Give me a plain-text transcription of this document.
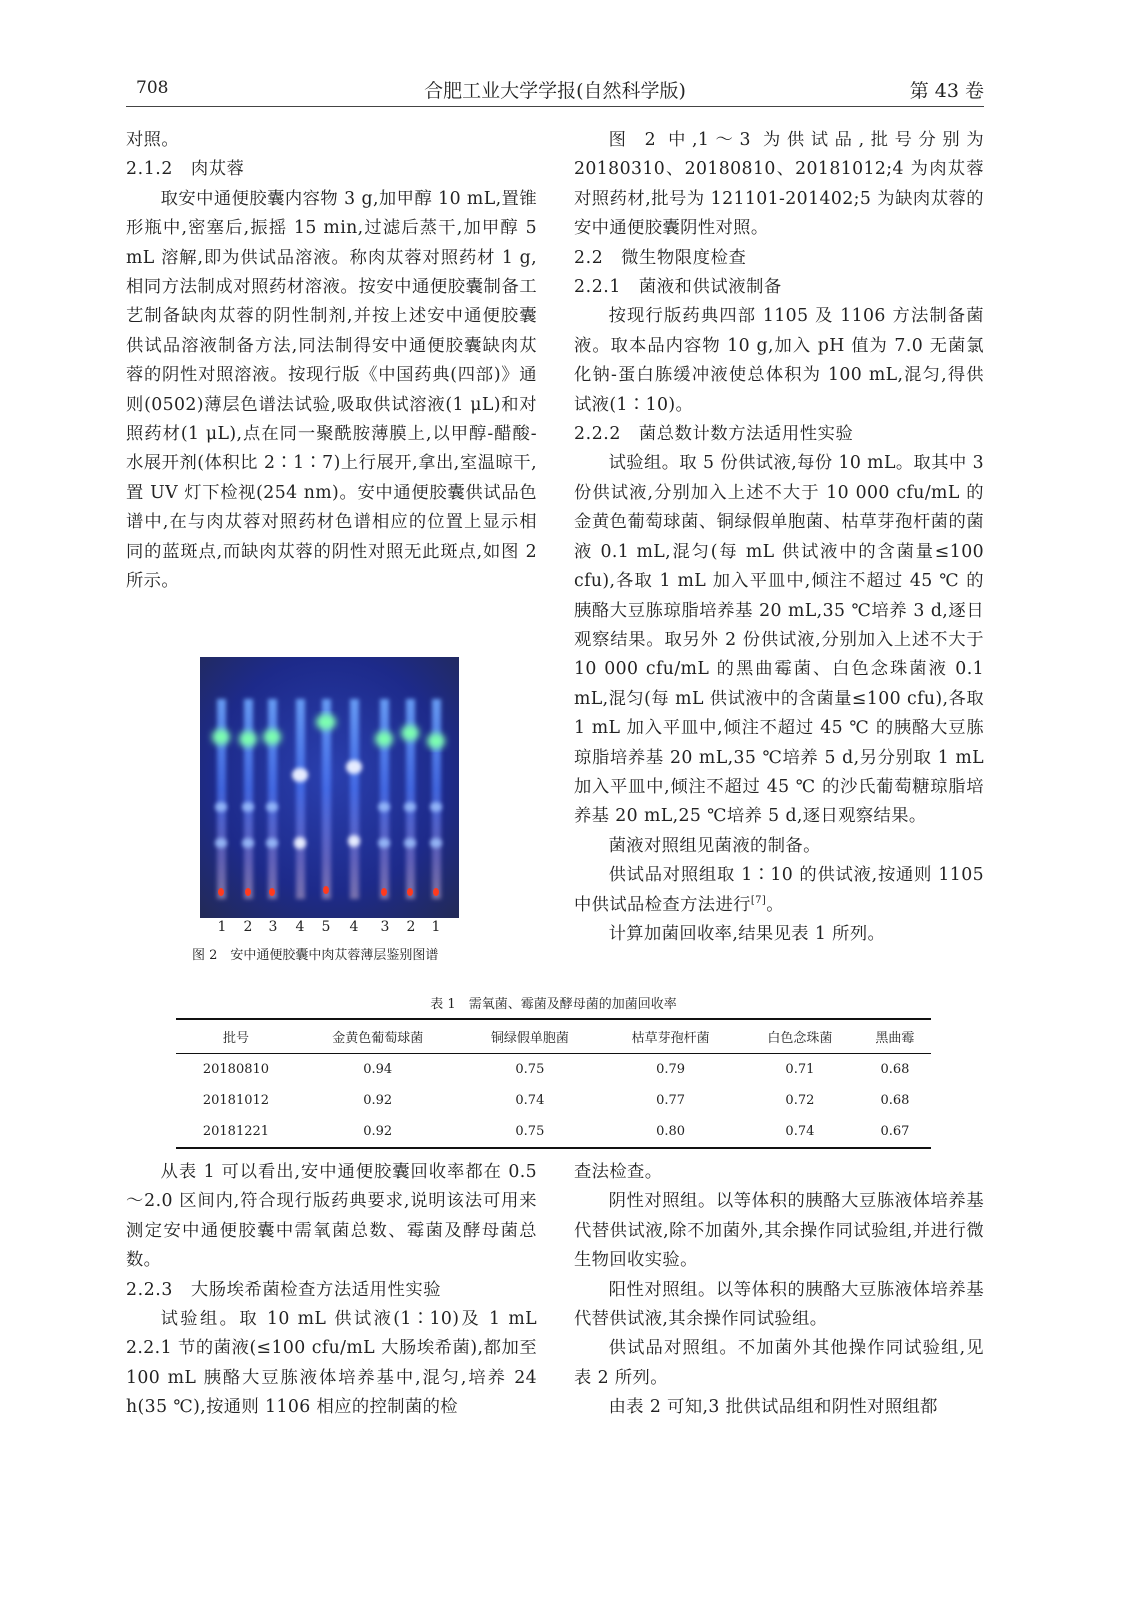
708	合肥工业大学学报(自然科学版)	第 43 卷

对照。

2.1.2　肉苁蓉

取安中通便胶囊内容物 3 g,加甲醇 10 mL,置锥形瓶中,密塞后,振摇 15 min,过滤后蒸干,加甲醇 5 mL 溶解,即为供试品溶液。称肉苁蓉对照药材 1 g,相同方法制成对照药材溶液。按安中通便胶囊制备工艺制备缺肉苁蓉的阴性制剂,并按上述安中通便胶囊供试品溶液制备方法,同法制得安中通便胶囊缺肉苁蓉的阴性对照溶液。按现行版《中国药典(四部)》通则(0502)薄层色谱法试验,吸取供试溶液(1 μL)和对照药材(1 μL),点在同一聚酰胺薄膜上,以甲醇-醋酸-水展开剂(体积比 2∶1∶7)上行展开,拿出,室温晾干,置 UV 灯下检视(254 nm)。安中通便胶囊供试品色谱中,在与肉苁蓉对照药材色谱相应的位置上显示相同的蓝斑点,而缺肉苁蓉的阴性对照无此斑点,如图 2 所示。

1 2 3 4 5 4 3 2 1
图 2　安中通便胶囊中肉苁蓉薄层鉴别图谱

图 2 中,1～3 为供试品,批号分别为 20180310、20180810、20181012;4 为肉苁蓉对照药材,批号为 121101-201402;5 为缺肉苁蓉的安中通便胶囊阴性对照。

2.2　微生物限度检查

2.2.1　菌液和供试液制备

按现行版药典四部 1105 及 1106 方法制备菌液。取本品内容物 10 g,加入 pH 值为 7.0 无菌氯化钠-蛋白胨缓冲液使总体积为 100 mL,混匀,得供试液(1∶10)。

2.2.2　菌总数计数方法适用性实验

试验组。取 5 份供试液,每份 10 mL。取其中 3 份供试液,分别加入上述不大于 10 000 cfu/mL 的金黄色葡萄球菌、铜绿假单胞菌、枯草芽孢杆菌的菌液 0.1 mL,混匀(每 mL 供试液中的含菌量≤100 cfu),各取 1 mL 加入平皿中,倾注不超过 45 ℃ 的胰酪大豆胨琼脂培养基 20 mL,35 ℃培养 3 d,逐日观察结果。取另外 2 份供试液,分别加入上述不大于 10 000 cfu/mL 的黑曲霉菌、白色念珠菌液 0.1 mL,混匀(每 mL 供试液中的含菌量≤100 cfu),各取 1 mL 加入平皿中,倾注不超过 45 ℃ 的胰酪大豆胨琼脂培养基 20 mL,35 ℃培养 5 d,另分别取 1 mL 加入平皿中,倾注不超过 45 ℃ 的沙氏葡萄糖琼脂培养基 20 mL,25 ℃培养 5 d,逐日观察结果。

菌液对照组见菌液的制备。

供试品对照组取 1∶10 的供试液,按通则 1105 中供试品检查方法进行[7]。

计算加菌回收率,结果见表 1 所列。

表 1　需氧菌、霉菌及酵母菌的加菌回收率
批号	金黄色葡萄球菌	铜绿假单胞菌	枯草芽孢杆菌	白色念珠菌	黑曲霉
20180810	0.94	0.75	0.79	0.71	0.68
20181012	0.92	0.74	0.77	0.72	0.68
20181221	0.92	0.75	0.80	0.74	0.67

从表 1 可以看出,安中通便胶囊回收率都在 0.5～2.0 区间内,符合现行版药典要求,说明该法可用来测定安中通便胶囊中需氧菌总数、霉菌及酵母菌总数。

2.2.3　大肠埃希菌检查方法适用性实验

试验组。取 10 mL 供试液(1∶10)及 1 mL 2.2.1 节的菌液(≤100 cfu/mL 大肠埃希菌),都加至 100 mL 胰酪大豆胨液体培养基中,混匀,培养 24 h(35 ℃),按通则 1106 相应的控制菌的检

查法检查。

阴性对照组。以等体积的胰酪大豆胨液体培养基代替供试液,除不加菌外,其余操作同试验组,并进行微生物回收实验。

阳性对照组。以等体积的胰酪大豆胨液体培养基代替供试液,其余操作同试验组。

供试品对照组。不加菌外其他操作同试验组,见表 2 所列。

由表 2 可知,3 批供试品组和阴性对照组都
